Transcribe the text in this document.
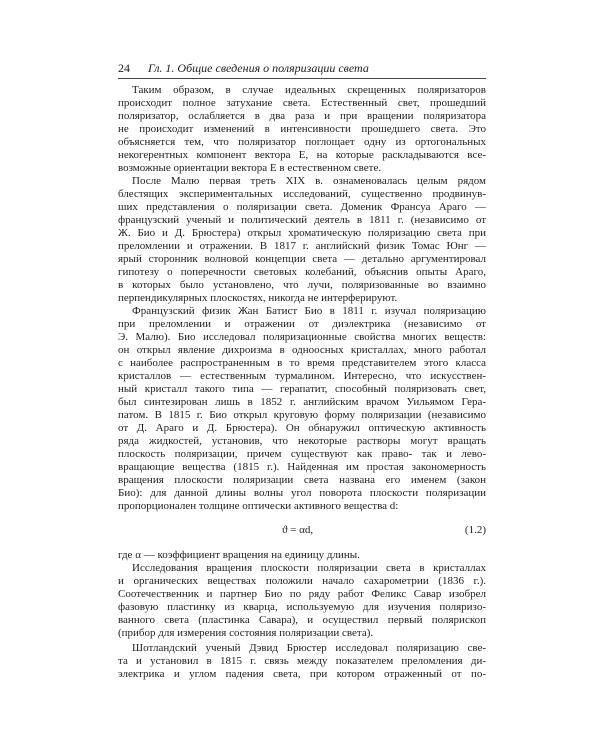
24 Гл. 1. Общие сведения о поляризации света
Таким образом, в случае идеальных скрещенных поляризаторов
происходит полное затухание света. Естественный свет, прошедший
поляризатор, ослабляется в два раза и при вращении поляризатора
не происходит изменений в интенсивности прошедшего света. Это
объясняется тем, что поляризатор поглощает одну из ортогональных
некогерентных компонент вектора Е, на которые раскладываются все-
возможные ориентации вектора Е в естественном свете.
После Малю первая треть XIX в. ознаменовалась целым рядом
блестящих экспериментальных исследований, существенно продвинув-
ших представления о поляризации света. Доменик Франсуа Араго —
французский ученый и политический деятель в 1811 г. (независимо от
Ж. Био и Д. Брюстера) открыл хроматическую поляризацию света при
преломлении и отражении. В 1817 г. английский физик Томас Юнг —
ярый сторонник волновой концепции света — детально аргументировал
гипотезу о поперечности световых колебаний, объяснив опыты Араго,
в которых было установлено, что лучи, поляризованные во взаимно
перпендикулярных плоскостях, никогда не интерферируют.
Французский физик Жан Батист Био в 1811 г. изучал поляризацию
при преломлении и отражении от диэлектрика (независимо от
Э. Малю). Био исследовал поляризационные свойства многих веществ:
он открыл явление дихроизма в одноосных кристаллах, много работал
с наиболее распространенным в то время представителем этого класса
кристаллов — естественным турмалином. Интересно, что искусствен-
ный кристалл такого типа — герапатит, способный поляризовать свет,
был синтезирован лишь в 1852 г. английским врачом Уильямом Гера-
патом. В 1815 г. Био открыл круговую форму поляризации (независимо
от Д. Араго и Д. Брюстера). Он обнаружил оптическую активность
ряда жидкостей, установив, что некоторые растворы могут вращать
плоскость поляризации, причем существуют как право- так и лево-
вращающие вещества (1815 г.). Найденная им простая закономерность
вращения плоскости поляризации света названа его именем (закон
Био): для данной длины волны угол поворота плоскости поляризации
пропорционален толщине оптически активного вещества d:
ϑ = αd,	(1.2)
где α — коэффициент вращения на единицу длины.
Исследования вращения плоскости поляризации света в кристаллах
и органических веществах положили начало сахарометрии (1836 г.).
Соотечественник и партнер Био по ряду работ Феликс Савар изобрел
фазовую пластинку из кварца, используемую для изучения поляризо-
ванного света (пластинка Савара), и осуществил первый полярископ
(прибор для измерения состояния поляризации света).
Шотландский ученый Дэвид Брюстер исследовал поляризацию све-
та и установил в 1815 г. связь между показателем преломления ди-
электрика и углом падения света, при котором отраженный от по-
